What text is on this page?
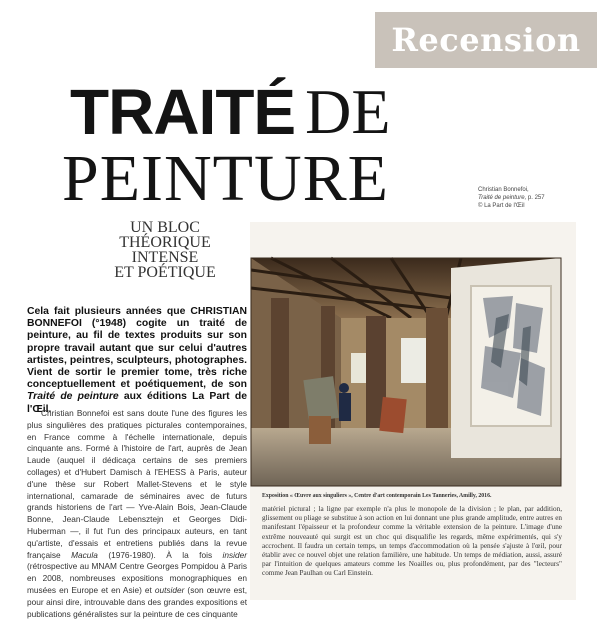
Recension
TRAITÉ DE
PEINTURE	Christian Bonnefoi,
Traité de peinture, p. 257
© La Part de l'Œil
UN BLOC
THÉORIQUE
INTENSE
ET POÉTIQUE
Cela fait plusieurs années que CHRISTIAN BONNEFOI (°1948) cogite un traité de peinture, au fil de textes produits sur son propre travail autant que sur celui d'autres artistes, peintres, sculpteurs, photographes. Vient de sortir le premier tome, très riche conceptuellement et poétiquement, de son Traité de peinture aux éditions La Part de l'Œil.
Christian Bonnefoi est sans doute l'une des figures les plus singulières des pratiques picturales contemporaines, en France comme à l'échelle internationale, depuis cinquante ans. Formé à l'histoire de l'art, auprès de Jean Laude (auquel il dédicaça certains de ses premiers collages) et d'Hubert Damisch à l'EHESS à Paris, auteur d'une thèse sur Robert Mallet-Stevens et le style international, camarade de séminaires avec de futurs grands historiens de l'art — Yve-Alain Bois, Jean-Claude Bonne, Jean-Claude Lebensztejn et Georges Didi-Huberman —, il fut l'un des principaux auteurs, en tant qu'artiste, d'essais et entretiens publiés dans la revue française Macula (1976-1980). À la fois insider (rétrospective au MNAM Centre Georges Pompidou à Paris en 2008, nombreuses expositions monographiques en musées en Europe et en Asie) et outsider (son œuvre est, pour ainsi dire, introuvable dans des grandes expositions et publications généralistes sur la peinture de ces cinquante
Exposition « Œuvre aux singuliers », Centre d'art contemporain Les Tanneries, Amilly, 2016.
matériel pictural ; la ligne par exemple n'a plus le monopole de la division ; le plan, par addition, glissement ou pliage se substitue à son action en lui donnant une plus grande amplitude, entre autres en manifestant l'épaisseur et la profondeur comme la véritable extension de la peinture. L'image d'une extrême nouveauté qui surgit est un choc qui disqualifie les regards, même expérimentés, qui s'y accrochent. Il faudra un certain temps, un temps d'accommodation où la pensée s'ajuste à l'œil, pour établir avec ce nouvel objet une relation familière, une habitude. Un temps de médiation, aussi, assuré par l'intuition de quelques amateurs comme les Noailles ou, plus profondément, par des "lecteurs" comme Jean Paulhan ou Carl Einstein.
